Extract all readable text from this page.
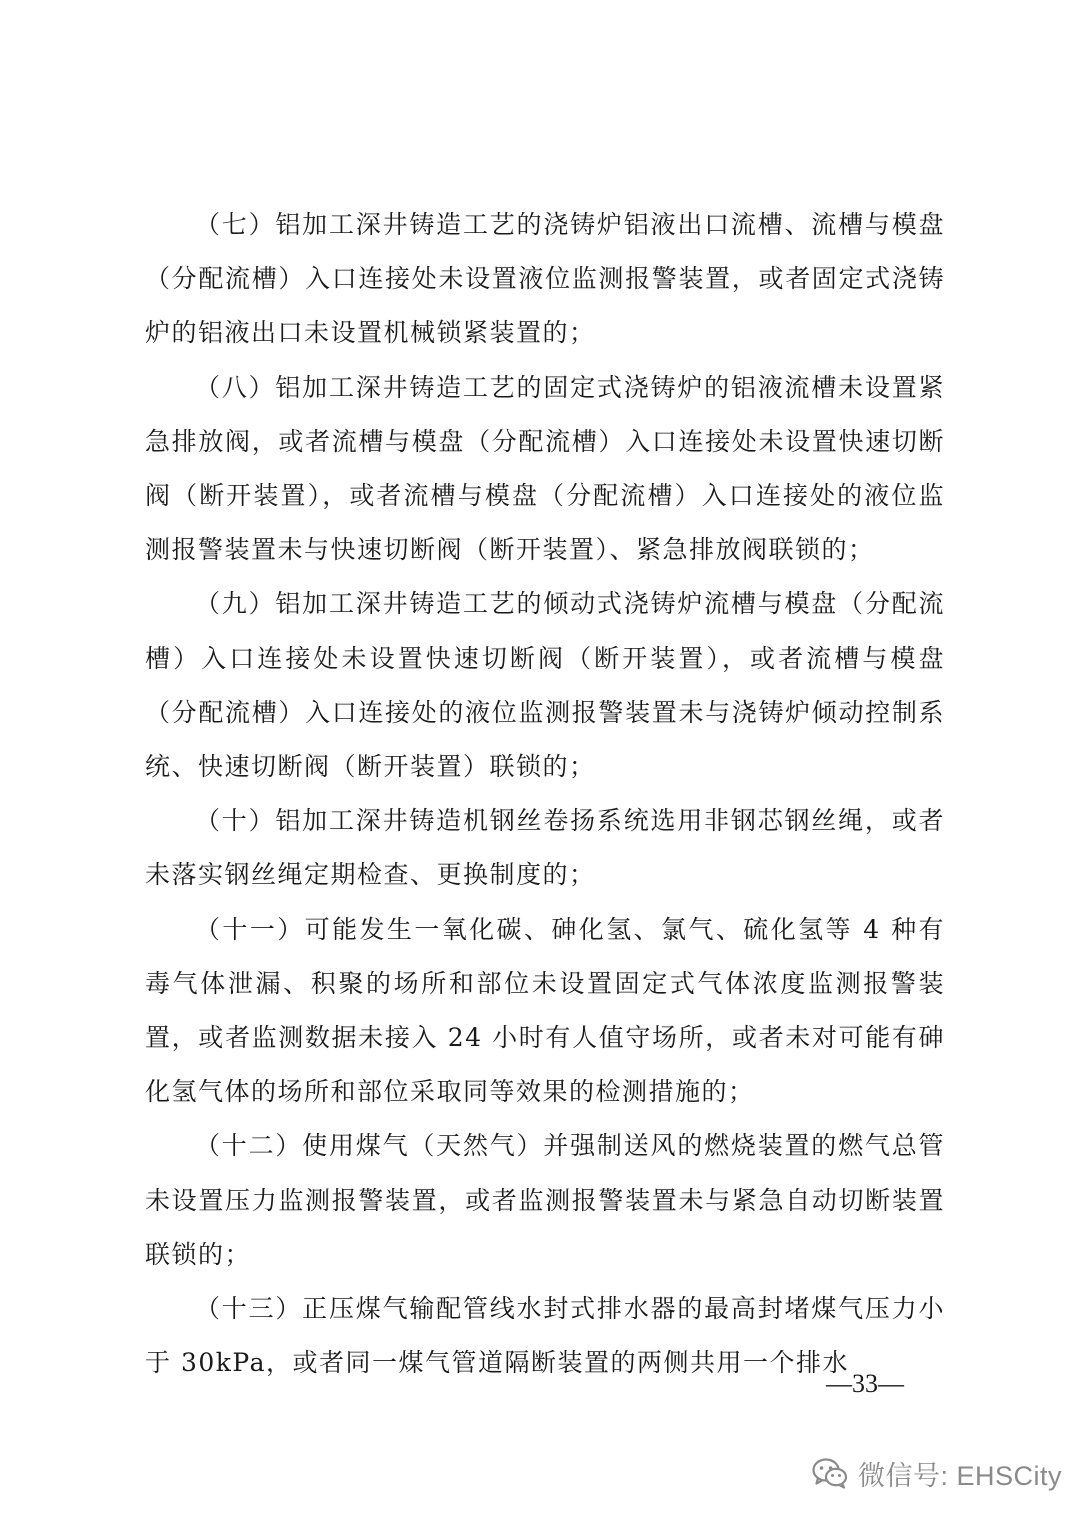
（七）铝加工深井铸造工艺的浇铸炉铝液出口流槽、流槽与模盘（分配流槽）入口连接处未设置液位监测报警装置，或者固定式浇铸炉的铝液出口未设置机械锁紧装置的；

（八）铝加工深井铸造工艺的固定式浇铸炉的铝液流槽未设置紧急排放阀，或者流槽与模盘（分配流槽）入口连接处未设置快速切断阀（断开装置），或者流槽与模盘（分配流槽）入口连接处的液位监测报警装置未与快速切断阀（断开装置）、紧急排放阀联锁的；

（九）铝加工深井铸造工艺的倾动式浇铸炉流槽与模盘（分配流槽）入口连接处未设置快速切断阀（断开装置），或者流槽与模盘（分配流槽）入口连接处的液位监测报警装置未与浇铸炉倾动控制系统、快速切断阀（断开装置）联锁的；

（十）铝加工深井铸造机钢丝卷扬系统选用非钢芯钢丝绳，或者未落实钢丝绳定期检查、更换制度的；

（十一）可能发生一氧化碳、砷化氢、氯气、硫化氢等 4 种有毒气体泄漏、积聚的场所和部位未设置固定式气体浓度监测报警装置，或者监测数据未接入 24 小时有人值守场所，或者未对可能有砷化氢气体的场所和部位采取同等效果的检测措施的；

（十二）使用煤气（天然气）并强制送风的燃烧装置的燃气总管未设置压力监测报警装置，或者监测报警装置未与紧急自动切断装置联锁的；

（十三）正压煤气输配管线水封式排水器的最高封堵煤气压力小于 30kPa，或者同一煤气管道隔断装置的两侧共用一个排水

—33—
微信号: EHSCity
